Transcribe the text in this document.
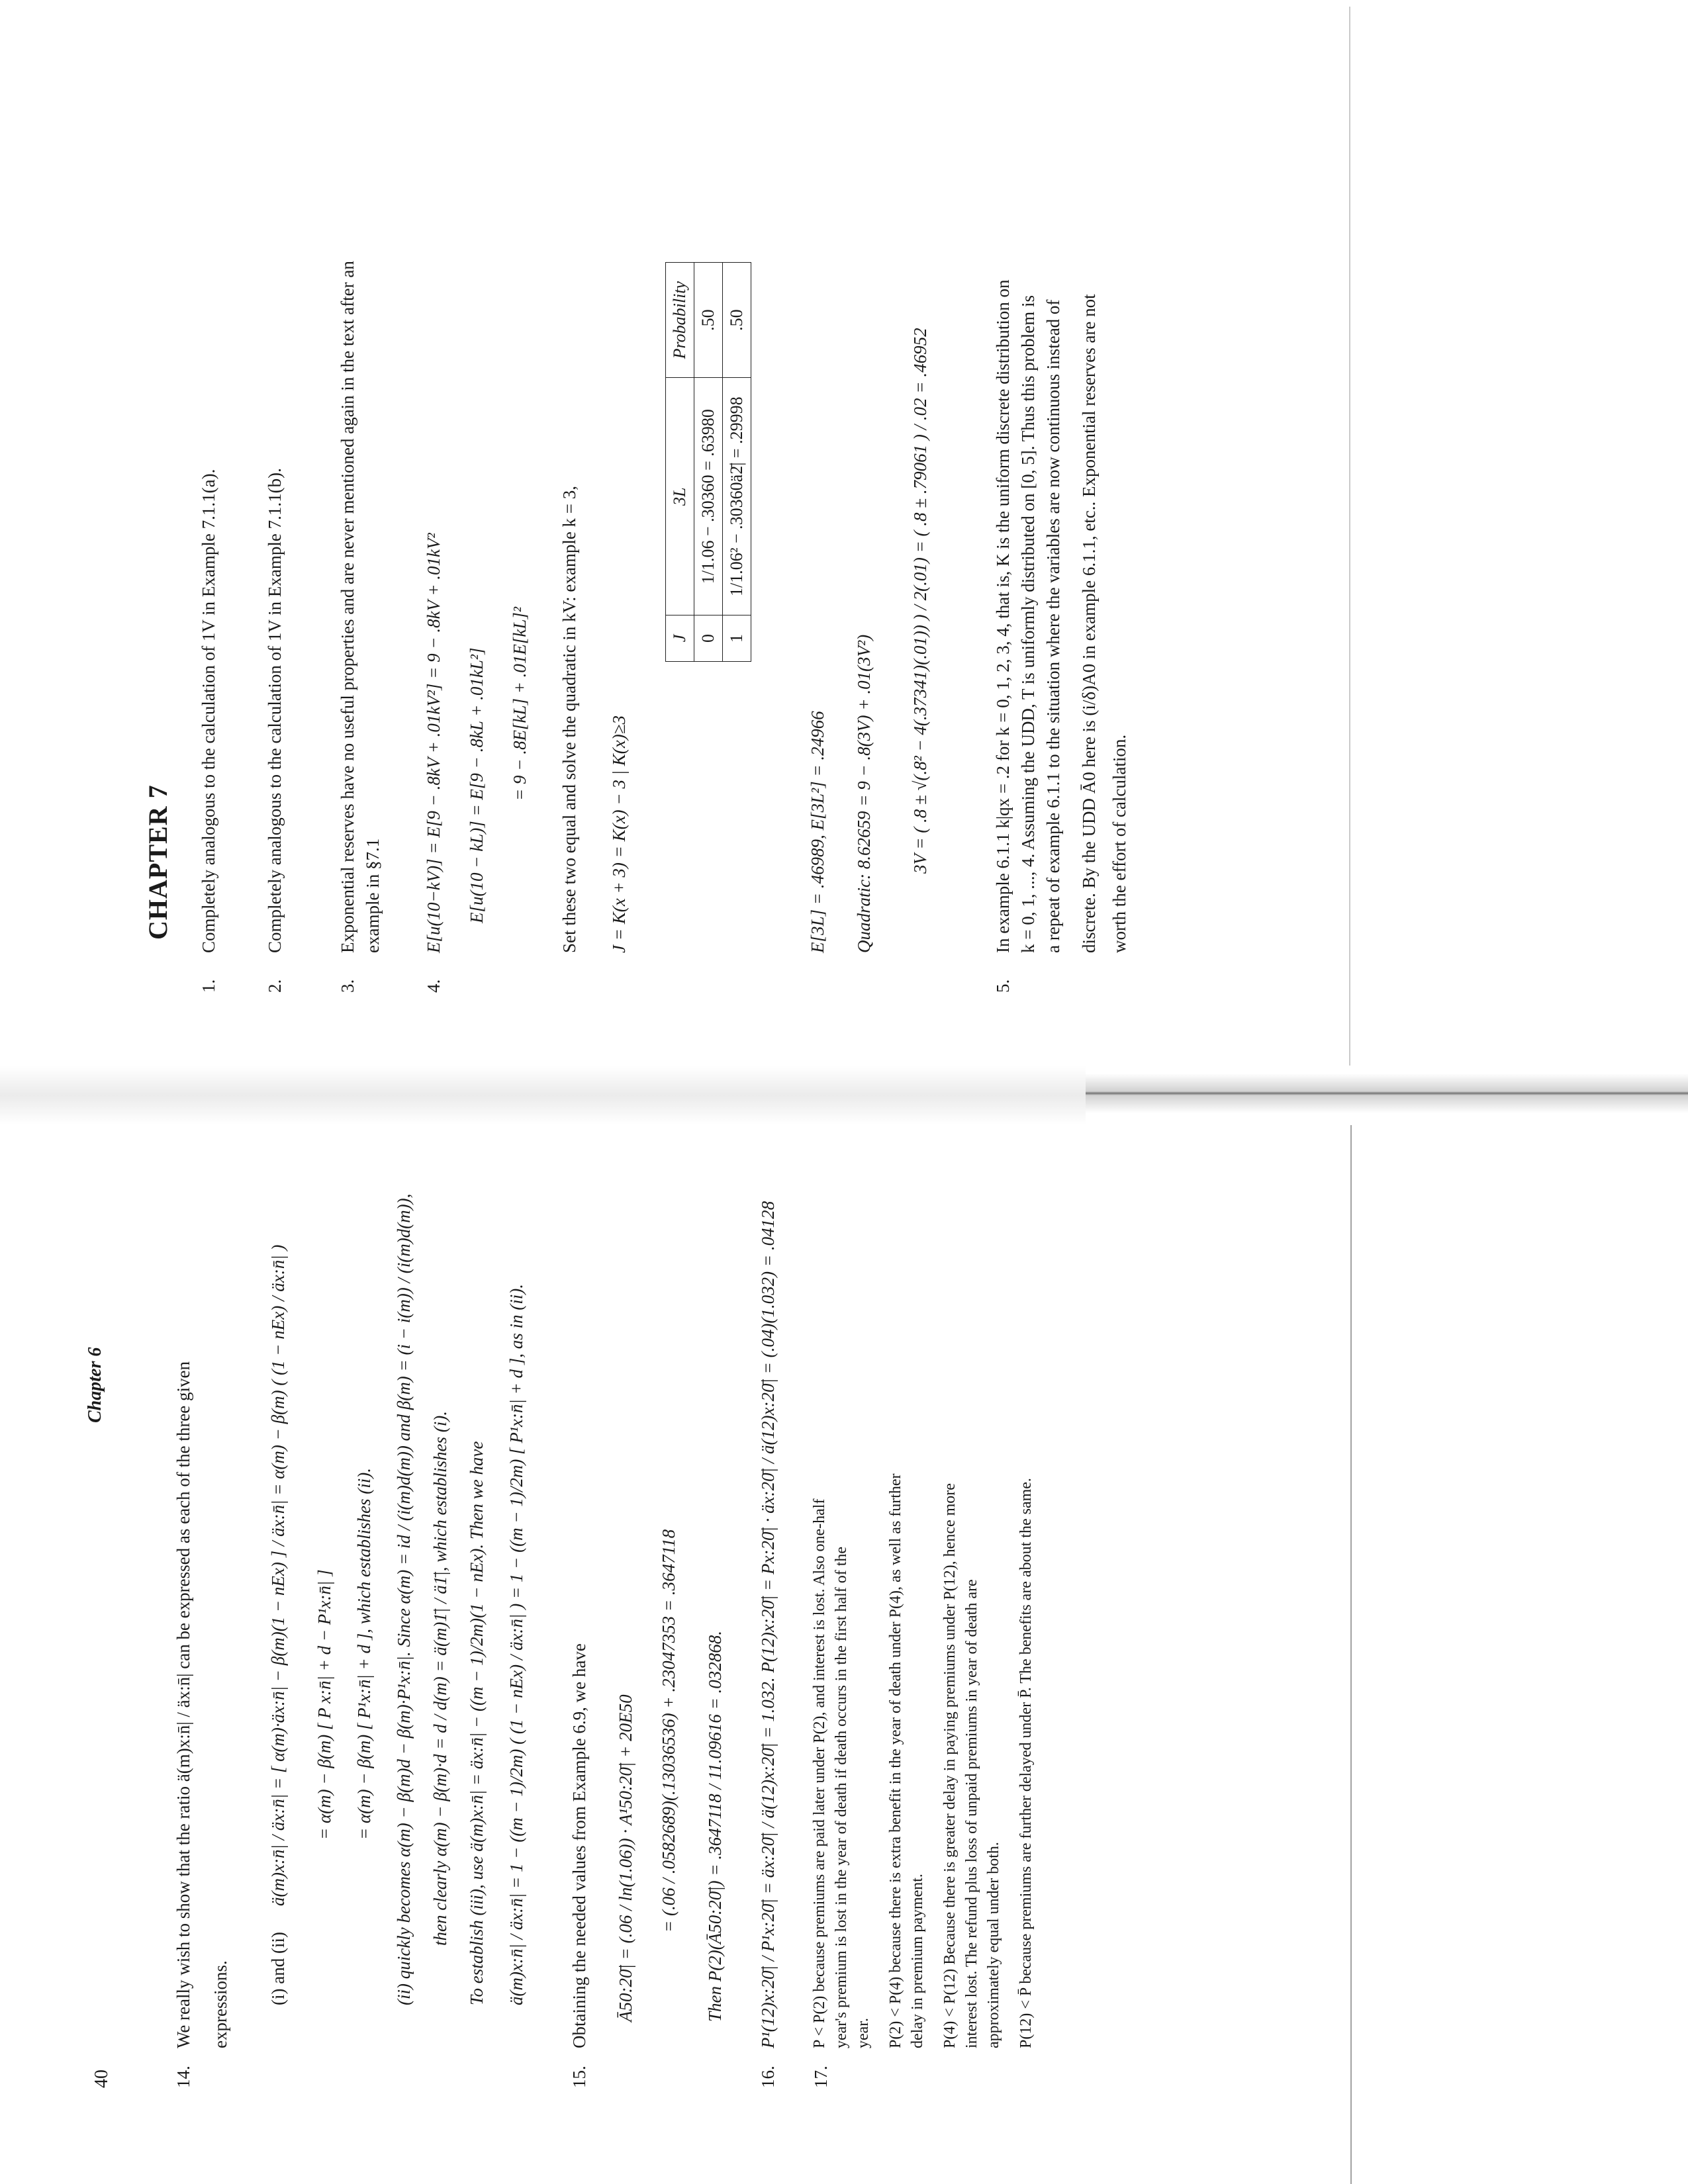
40
Chapter 6
14.
We really wish to show that the ratio ä(m)x:n̄| / äx:n̄| can be expressed as each of the three given expressions. (i) and (ii)
ä(m)x:n̄| / äx:n̄| = [ α(m)·äx:n̄| − β(m)(1 − nEx) ] / äx:n̄| = α(m) − β(m) ( (1 − nEx) / äx:n̄| ) = α(m) − β(m) [ P x:n̄| + d − P¹x:n̄| ] = α(m) − β(m) [ P¹x:n̄| + d ], which establishes (ii). (ii) quickly becomes α(m) − β(m)d − β(m)·P¹x:n̄|. Since α(m) = id / (i(m)d(m)) and β(m) = (i − i(m)) / (i(m)d(m)), then clearly α(m) − β(m)·d = d / d(m) = ä(m)1̄| / ä1̄|, which establishes (i). To establish (iii), use ä(m)x:n̄| = äx:n̄| − ((m − 1)/2m)(1 − nEx). Then we have ä(m)x:n̄| / äx:n̄| = 1 − ((m − 1)/2m) ( (1 − nEx) / äx:n̄| ) = 1 − ((m − 1)/2m) [ P¹x:n̄| + d ], as in (ii).
15.
Obtaining the needed values from Example 6.9, we have Ā50:20̄| = (.06 / ln(1.06)) · A¹50:20̄| + 20E50 = (.06 / .0582689)(.13036536) + .23047353 = .3647118 Then P(2)(Ā50:20̄|) = .3647118 / 11.09616 = .032868.
16.
P¹(12)x:20̄| / P¹x:20̄| = äx:20̄| / ä(12)x:20̄| = 1.032. P(12)x:20̄| = Px:20̄| · äx:20̄| / ä(12)x:20̄| = (.04)(1.032) = .04128
17.
P < P(2) because premiums are paid later under P(2), and interest is lost. Also one-half year's premium is lost in the year of death if death occurs in the first half of the year. P(2) < P(4) because there is extra benefit in the year of death under P(4), as well as further delay in premium payment. P(4) < P(12) Because there is greater delay in paying premiums under P(12), hence more interest lost. The refund plus loss of unpaid premiums in year of death are approximately equal under both. P(12) < P̄ because premiums are further delayed under P̄. The benefits are about the same.
CHAPTER 7
1.
Completely analogous to the calculation of 1V in Example 7.1.1(a).
2.
Completely analogous to the calculation of 1V in Example 7.1.1(b).
3.
Exponential reserves have no useful properties and are never mentioned again in the text after an example in §7.1
4.
E[u(10−kV)] = E[9 − .8kV + .01kV²] = 9 − .8kV + .01kV² E[u(10 − kL)] = E[9 − .8kL + .01kL²] = 9 − .8E[kL] + .01E[kL]² Set these two equal and solve the quadratic in kV: example k = 3, J = K(x + 3) = K(x) − 3 | K(x)≥3
J	3L	Probability
0	1/1.06 − .30360 = .63980	.50
1	1/1.06² − .30360ä2̄| = .29998	.50
E[3L] = .46989, E[3L²] = .24966 Quadratic: 8.62659 = 9 − .8(3V) + .01(3V²) 3V = ( .8 ± √(.8² − 4(.37341)(.01)) ) / 2(.01) = ( .8 ± .79061 ) / .02 = .46952
5.
In example 6.1.1 k|qx = .2 for k = 0, 1, 2, 3, 4, that is, K is the uniform discrete distribution on k = 0, 1, ..., 4. Assuming the UDD, T is uniformly distributed on [0, 5]. Thus this problem is a repeat of example 6.1.1 to the situation where the variables are now continuous instead of discrete. By the UDD Ā0 here is (i/δ)A0 in example 6.1.1, etc.. Exponential reserves are not worth the effort of calculation.
